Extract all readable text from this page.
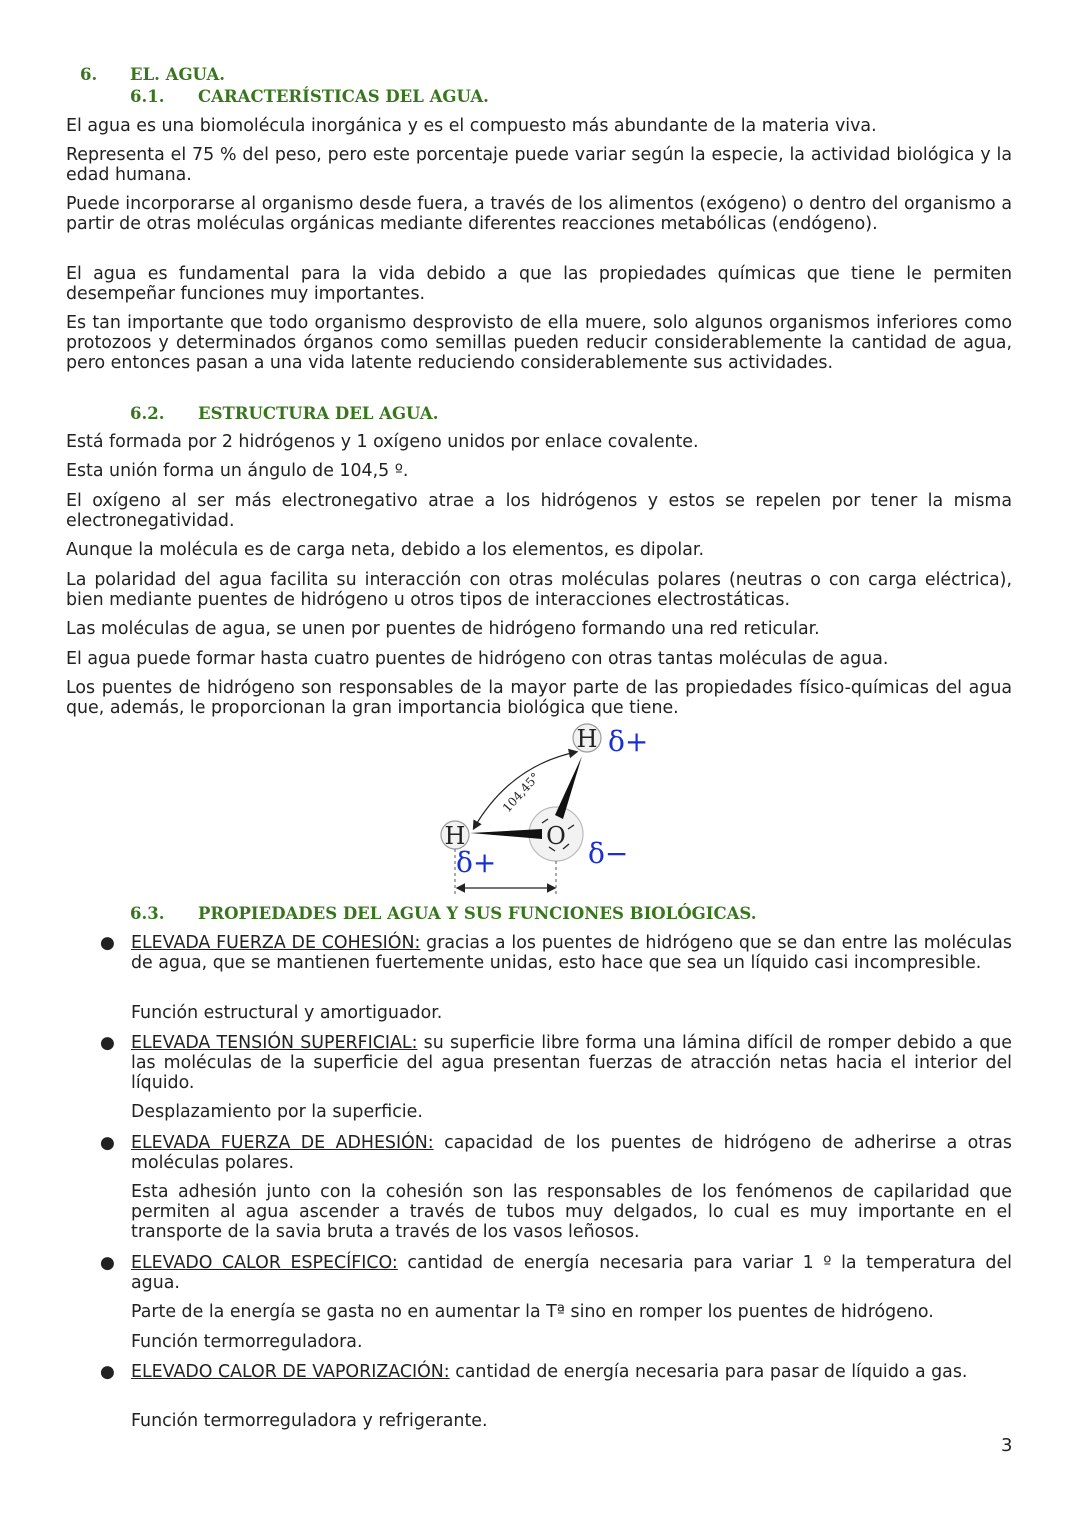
6. EL. AGUA.
6.1. CARACTERÍSTICAS DEL AGUA.

El agua es una biomolécula inorgánica y es el compuesto más abundante de la materia viva.

Representa el 75 % del peso, pero este porcentaje puede variar según la especie, la actividad biológica y la edad humana.

Puede incorporarse al organismo desde fuera, a través de los alimentos (exógeno) o dentro del organismo a partir de otras moléculas orgánicas mediante diferentes reacciones metabólicas (endógeno).

El agua es fundamental para la vida debido a que las propiedades químicas que tiene le permiten desempeñar funciones muy importantes.

Es tan importante que todo organismo desprovisto de ella muere, solo algunos organismos inferiores como protozoos y determinados órganos como semillas pueden reducir considerablemente la cantidad de agua, pero entonces pasan a una vida latente reduciendo considerablemente sus actividades.

6.2. ESTRUCTURA DEL AGUA.

Está formada por 2 hidrógenos y 1 oxígeno unidos por enlace covalente.

Esta unión forma un ángulo de 104,5 º.

El oxígeno al ser más electronegativo atrae a los hidrógenos y estos se repelen por tener la misma electronegatividad.

Aunque la molécula es de carga neta, debido a los elementos, es dipolar.

La polaridad del agua facilita su interacción con otras moléculas polares (neutras o con carga eléctrica), bien mediante puentes de hidrógeno u otros tipos de interacciones electrostáticas.

Las moléculas de agua, se unen por puentes de hidrógeno formando una red reticular.

El agua puede formar hasta cuatro puentes de hidrógeno con otras tantas moléculas de agua.

Los puentes de hidrógeno son responsables de la mayor parte de las propiedades físico-químicas del agua que, además, le proporcionan la gran importancia biológica que tiene.

H
H	O
δ+
δ+	δ−
104,45°
6.3. PROPIEDADES DEL AGUA Y SUS FUNCIONES BIOLÓGICAS.
● ELEVADA FUERZA DE COHESIÓN: gracias a los puentes de hidrógeno que se dan entre las moléculas de agua, que se mantienen fuertemente unidas, esto hace que sea un líquido casi incompresible.

Función estructural y amortiguador.

● ELEVADA TENSIÓN SUPERFICIAL: su superficie libre forma una lámina difícil de romper debido a que las moléculas de la superficie del agua presentan fuerzas de atracción netas hacia el interior del líquido.

Desplazamiento por la superficie.

● ELEVADA FUERZA DE ADHESIÓN: capacidad de los puentes de hidrógeno de adherirse a otras moléculas polares.

Esta adhesión junto con la cohesión son las responsables de los fenómenos de capilaridad que permiten al agua ascender a través de tubos muy delgados, lo cual es muy importante en el transporte de la savia bruta a través de los vasos leñosos.

● ELEVADO CALOR ESPECÍFICO: cantidad de energía necesaria para variar 1 º la temperatura del agua.

Parte de la energía se gasta no en aumentar la Tª sino en romper los puentes de hidrógeno.

Función termorreguladora.

● ELEVADO CALOR DE VAPORIZACIÓN: cantidad de energía necesaria para pasar de líquido a gas.

Función termorreguladora y refrigerante.

3
